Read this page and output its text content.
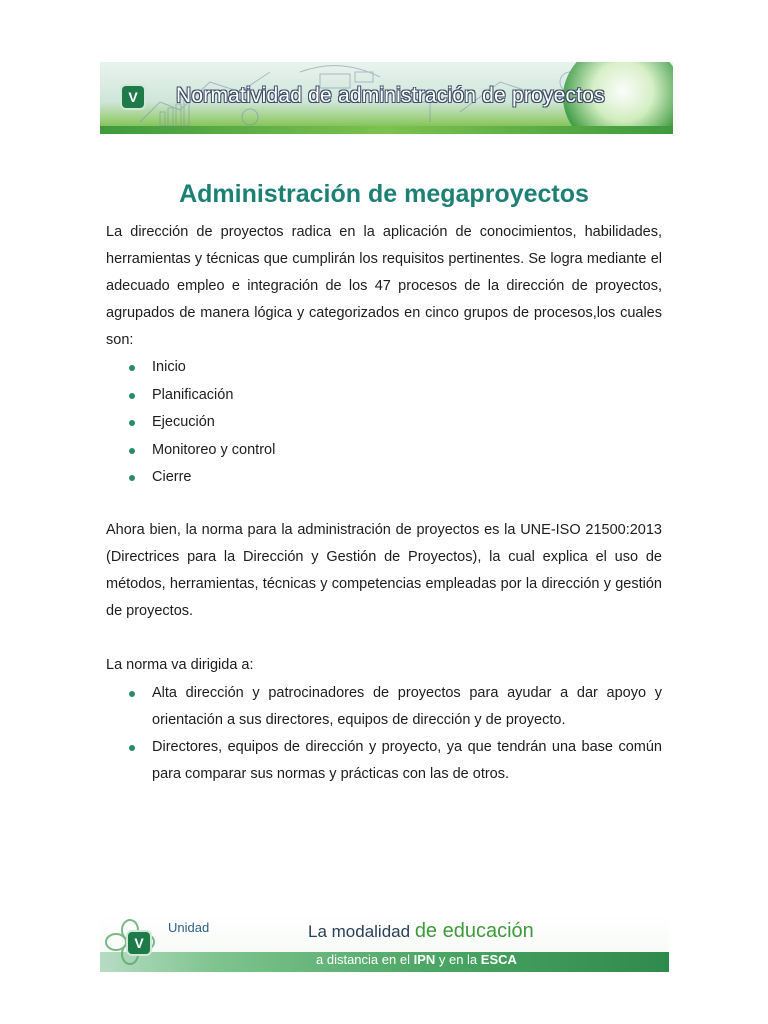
V	Normatividad de administración de proyectos
Administración de megaproyectos
La dirección de proyectos radica en la aplicación de conocimientos, habilidades, herramientas y técnicas que cumplirán los requisitos pertinentes. Se logra mediante el adecuado empleo e integración de los 47 procesos de la dirección de proyectos, agrupados de manera lógica y categorizados en cinco grupos de procesos,los cuales son:
Inicio
Planificación
Ejecución
Monitoreo y control
Cierre
Ahora bien, la norma para la administración de proyectos es la UNE-ISO 21500:2013 (Directrices para la Dirección y Gestión de Proyectos), la cual explica el uso de métodos, herramientas, técnicas y competencias empleadas por la dirección y gestión de proyectos.
La norma va dirigida a:
Alta dirección y patrocinadores de proyectos para ayudar a dar apoyo y orientación a sus directores, equipos de dirección y de proyecto.
Directores, equipos de dirección y proyecto, ya que tendrán una base común para comparar sus normas y prácticas con las de otros.
V
Unidad	La modalidad de educación
a distancia en el IPN y en la ESCA
